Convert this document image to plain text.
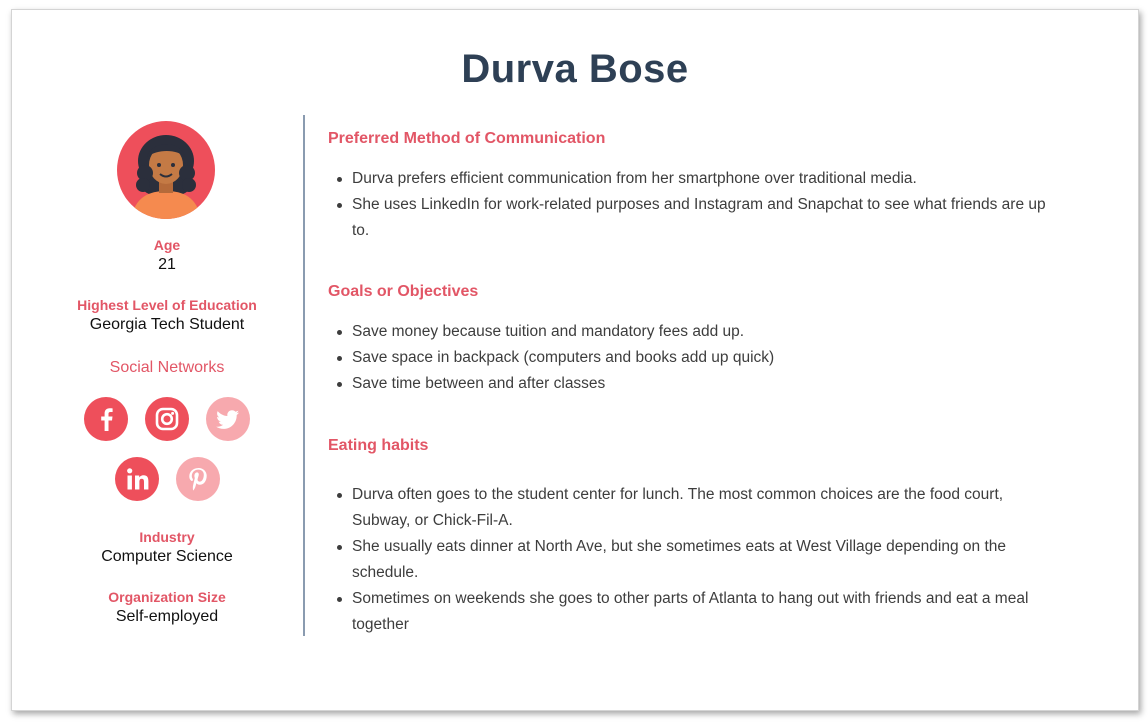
Durva Bose
Age
21
Highest Level of Education
Georgia Tech Student
Social Networks
Industry
Computer Science
Organization Size
Self-employed
Preferred Method of Communication
Durva prefers efficient communication from her smartphone over traditional media.
She uses LinkedIn for work-related purposes and Instagram and Snapchat to see what friends are up to.
Goals or Objectives
Save money because tuition and mandatory fees add up.
Save space in backpack (computers and books add up quick)
Save time between and after classes
Eating habits
Durva often goes to the student center for lunch. The most common choices are the food court, Subway, or Chick-Fil-A.
She usually eats dinner at North Ave, but she sometimes eats at West Village depending on the schedule.
Sometimes on weekends she goes to other parts of Atlanta to hang out with friends and eat a meal together
